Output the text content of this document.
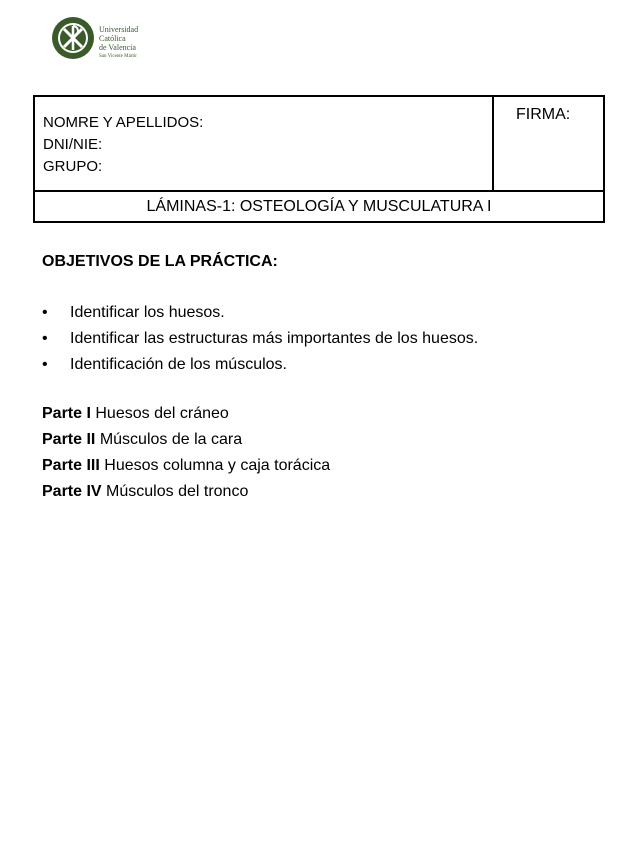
Universidad
Católica
de Valencia
San Vicente Mártir
NOMRE Y APELLIDOS:
DNI/NIE:
GRUPO:
FIRMA:
LÁMINAS-1: OSTEOLOGÍA Y MUSCULATURA I
OBJETIVOS DE LA PRÁCTICA:
• Identificar los huesos.
• Identificar las estructuras más importantes de los huesos.
• Identificación de los músculos.
Parte I Huesos del cráneo
Parte II Músculos de la cara
Parte III Huesos columna y caja torácica
Parte IV Músculos del tronco
